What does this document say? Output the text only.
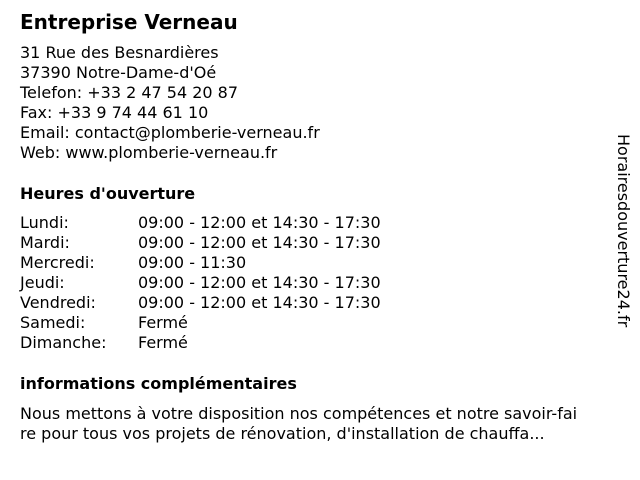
Entreprise Verneau
31 Rue des Besnardières
37390 Notre-Dame-d'Oé
Telefon: +33 2 47 54 20 87
Fax: +33 9 74 44 61 10
Email: contact@plomberie-verneau.fr
Web: www.plomberie-verneau.fr
Heures d'ouverture
Lundi:	09:00 - 12:00 et 14:30 - 17:30
Mardi:	09:00 - 12:00 et 14:30 - 17:30
Mercredi:	09:00 - 11:30
Jeudi:	09:00 - 12:00 et 14:30 - 17:30
Vendredi:	09:00 - 12:00 et 14:30 - 17:30
Samedi:	Fermé
Dimanche: Fermé
informations complémentaires
Nous mettons à votre disposition nos compétences et notre savoir-fai
re pour tous vos projets de rénovation, d'installation de chauffa...
Horairesdouverture24.fr
